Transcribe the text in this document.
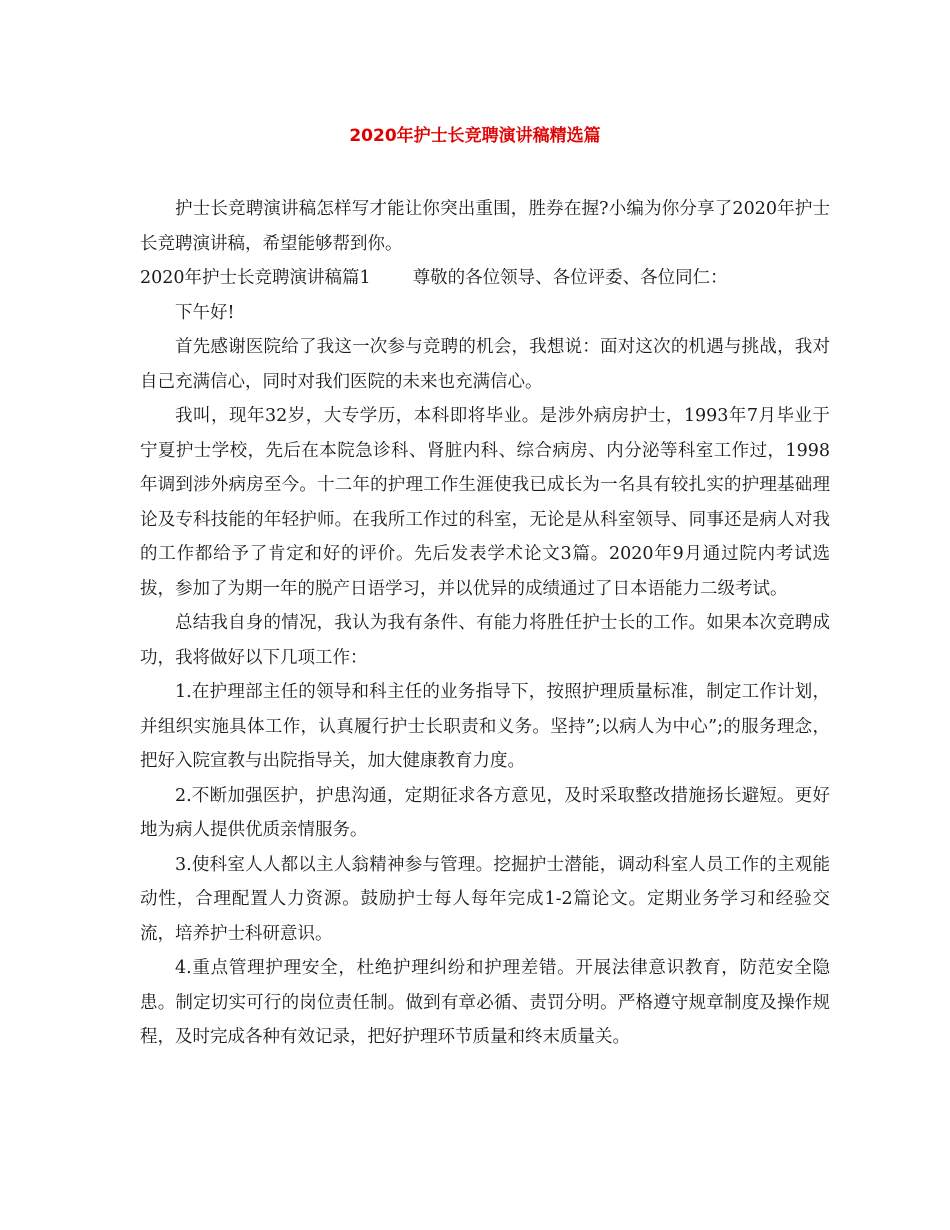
2020年护士长竞聘演讲稿精选篇

护士长竞聘演讲稿怎样写才能让你突出重围，胜券在握?小编为你分享了2020年护士长竞聘演讲稿，希望能够帮到你。

2020年护士长竞聘演讲稿篇1 尊敬的各位领导、各位评委、各位同仁：

下午好!

首先感谢医院给了我这一次参与竞聘的机会，我想说：面对这次的机遇与挑战，我对自己充满信心，同时对我们医院的未来也充满信心。

我叫，现年32岁，大专学历，本科即将毕业。是涉外病房护士，1993年7月毕业于宁夏护士学校，先后在本院急诊科、肾脏内科、综合病房、内分泌等科室工作过，1998年调到涉外病房至今。十二年的护理工作生涯使我已成长为一名具有较扎实的护理基础理论及专科技能的年轻护师。在我所工作过的科室，无论是从科室领导、同事还是病人对我的工作都给予了肯定和好的评价。先后发表学术论文3篇。2020年9月通过院内考试选拔，参加了为期一年的脱产日语学习，并以优异的成绩通过了日本语能力二级考试。

总结我自身的情况，我认为我有条件、有能力将胜任护士长的工作。如果本次竞聘成功，我将做好以下几项工作：

1.在护理部主任的领导和科主任的业务指导下，按照护理质量标准，制定工作计划，并组织实施具体工作，认真履行护士长职责和义务。坚持”;以病人为中心”;的服务理念，把好入院宣教与出院指导关，加大健康教育力度。

2.不断加强医护，护患沟通，定期征求各方意见，及时采取整改措施扬长避短。更好地为病人提供优质亲情服务。

3.使科室人人都以主人翁精神参与管理。挖掘护士潜能，调动科室人员工作的主观能动性，合理配置人力资源。鼓励护士每人每年完成1-2篇论文。定期业务学习和经验交流，培养护士科研意识。

4.重点管理护理安全，杜绝护理纠纷和护理差错。开展法律意识教育，防范安全隐患。制定切实可行的岗位责任制。做到有章必循、责罚分明。严格遵守规章制度及操作规程，及时完成各种有效记录，把好护理环节质量和终末质量关。
